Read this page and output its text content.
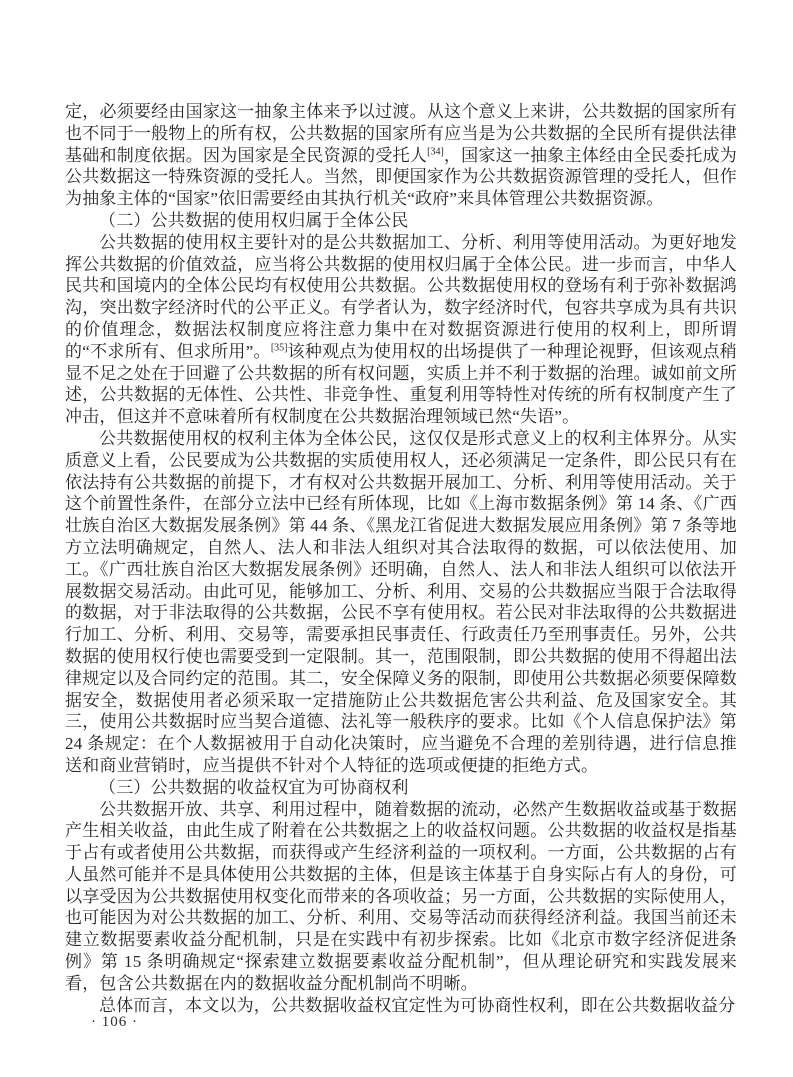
定，必须要经由国家这一抽象主体来予以过渡。从这个意义上来讲，公共数据的国家所有也不同于一般物上的所有权，公共数据的国家所有应当是为公共数据的全民所有提供法律基础和制度依据。因为国家是全民资源的受托人[34]，国家这一抽象主体经由全民委托成为公共数据这一特殊资源的受托人。当然，即便国家作为公共数据资源管理的受托人，但作为抽象主体的“国家”依旧需要经由其执行机关“政府”来具体管理公共数据资源。

（二）公共数据的使用权归属于全体公民

公共数据的使用权主要针对的是公共数据加工、分析、利用等使用活动。为更好地发挥公共数据的价值效益，应当将公共数据的使用权归属于全体公民。进一步而言，中华人民共和国境内的全体公民均有权使用公共数据。公共数据使用权的登场有利于弥补数据鸿沟，突出数字经济时代的公平正义。有学者认为，数字经济时代，包容共享成为具有共识的价值理念，数据法权制度应将注意力集中在对数据资源进行使用的权利上，即所谓的“不求所有、但求所用”。[35]该种观点为使用权的出场提供了一种理论视野，但该观点稍显不足之处在于回避了公共数据的所有权问题，实质上并不利于数据的治理。诚如前文所述，公共数据的无体性、公共性、非竞争性、重复利用等特性对传统的所有权制度产生了冲击，但这并不意味着所有权制度在公共数据治理领域已然“失语”。

公共数据使用权的权利主体为全体公民，这仅仅是形式意义上的权利主体界分。从实质意义上看，公民要成为公共数据的实质使用权人，还必须满足一定条件，即公民只有在依法持有公共数据的前提下，才有权对公共数据开展加工、分析、利用等使用活动。关于这个前置性条件，在部分立法中已经有所体现，比如《上海市数据条例》第 14 条、《广西壮族自治区大数据发展条例》第 44 条、《黑龙江省促进大数据发展应用条例》第 7 条等地方立法明确规定，自然人、法人和非法人组织对其合法取得的数据，可以依法使用、加工。《广西壮族自治区大数据发展条例》还明确，自然人、法人和非法人组织可以依法开展数据交易活动。由此可见，能够加工、分析、利用、交易的公共数据应当限于合法取得的数据，对于非法取得的公共数据，公民不享有使用权。若公民对非法取得的公共数据进行加工、分析、利用、交易等，需要承担民事责任、行政责任乃至刑事责任。另外，公共数据的使用权行使也需要受到一定限制。其一，范围限制，即公共数据的使用不得超出法律规定以及合同约定的范围。其二，安全保障义务的限制，即使用公共数据必须要保障数据安全，数据使用者必须采取一定措施防止公共数据危害公共利益、危及国家安全。其三，使用公共数据时应当契合道德、法礼等一般秩序的要求。比如《个人信息保护法》第 24 条规定：在个人数据被用于自动化决策时，应当避免不合理的差别待遇，进行信息推送和商业营销时，应当提供不针对个人特征的选项或便捷的拒绝方式。

（三）公共数据的收益权宜为可协商权利

公共数据开放、共享、利用过程中，随着数据的流动，必然产生数据收益或基于数据产生相关收益，由此生成了附着在公共数据之上的收益权问题。公共数据的收益权是指基于占有或者使用公共数据，而获得或产生经济利益的一项权利。一方面，公共数据的占有人虽然可能并不是具体使用公共数据的主体，但是该主体基于自身实际占有人的身份，可以享受因为公共数据使用权变化而带来的各项收益；另一方面，公共数据的实际使用人，也可能因为对公共数据的加工、分析、利用、交易等活动而获得经济利益。我国当前还未建立数据要素收益分配机制，只是在实践中有初步探索。比如《北京市数字经济促进条例》第 15 条明确规定“探索建立数据要素收益分配机制”，但从理论研究和实践发展来看，包含公共数据在内的数据收益分配机制尚不明晰。

总体而言，本文以为，公共数据收益权宜定性为可协商性权利，即在公共数据收益分

· 106 ·
